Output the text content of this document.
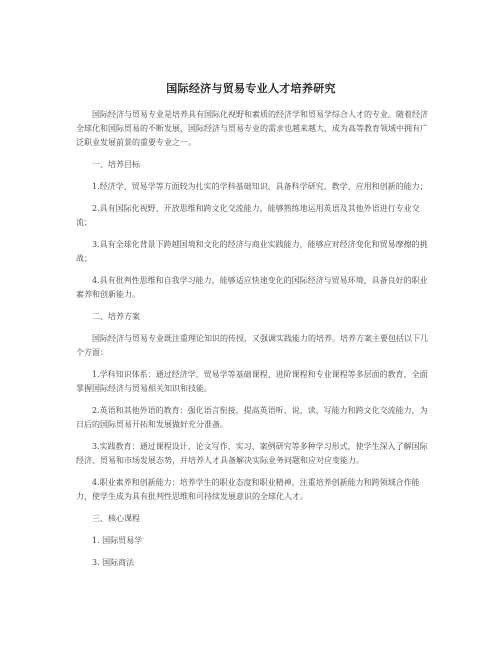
国际经济与贸易专业人才培养研究

国际经济与贸易专业是培养具有国际化视野和素质的经济学和贸易学综合人才的专业。随着经济全球化和国际贸易的不断发展，国际经济与贸易专业的需求也越来越大，成为高等教育领域中拥有广泛职业发展前景的重要专业之一。

一、培养目标

1.经济学、贸易学等方面较为扎实的学科基础知识，具备科学研究、教学、应用和创新的能力；

2.具有国际化视野、开放思维和跨文化交流能力，能够熟练地运用英语及其他外语进行专业交流；

3.具有全球化背景下跨越国境和文化的经济与商业实践能力，能够应对经济变化和贸易摩擦的挑战；

4.具有批判性思维和自我学习能力，能够适应快速变化的国际经济与贸易环境，具备良好的职业素养和创新能力。

二、培养方案

国际经济与贸易专业既注重理论知识的传授，又强调实践能力的培养。培养方案主要包括以下几个方面：

1.学科知识体系：通过经济学、贸易学等基础课程、进阶课程和专业课程等多层面的教育，全面掌握国际经济与贸易相关知识和技能。

2.英语和其他外语的教育：强化语言衔接，提高英语听、说、读、写能力和跨文化交流能力，为日后的国际贸易开拓和发展做好充分准备。

3.实践教育：通过课程设计、论文写作、实习、案例研究等多种学习形式，使学生深入了解国际经济、贸易和市场发展态势，并培养人才具备解决实际业务问题和应对应变能力。

4.职业素养和创新能力：培养学生的职业态度和职业精神，注重培养创新能力和跨领域合作能力，使学生成为具有批判性思维和可持续发展意识的全球化人才。

三、核心课程

1. 国际贸易学

3. 国际商法
